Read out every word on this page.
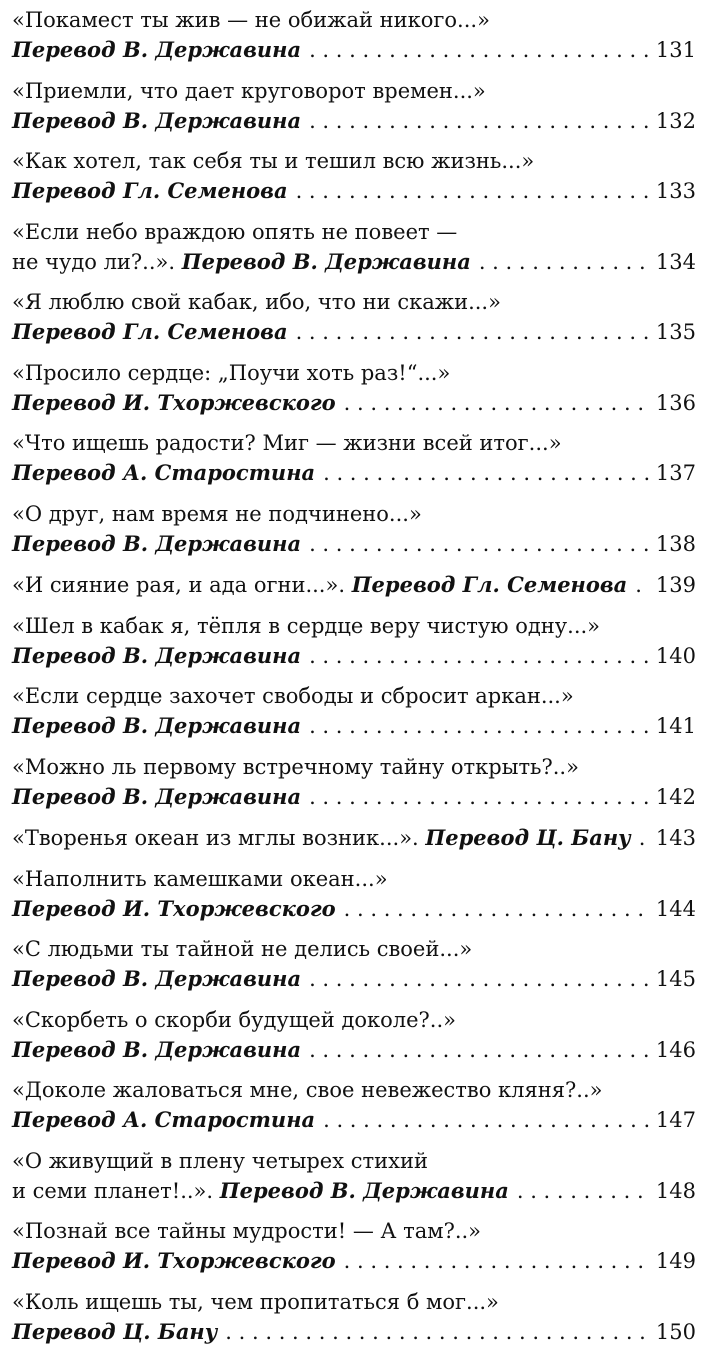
«Покамест ты жив — не обижай никого...»
Перевод В. Державина . . .	131
«Приемли, что дает круговорот времен...»
Перевод В. Державина . . .	132
«Как хотел, так себя ты и тешил всю жизнь...»
Перевод Гл. Семенова . . .	133
«Если небо враждою опять не повеет —
не чудо ли?..».
Перевод В. Державина . . .	134
«Я люблю свой кабак, ибо, что ни скажи...»
Перевод Гл. Семенова . . .	135
«Просило сердце: „Поучи хоть раз!“...»
Перевод И. Тхоржевского . . .	136
«Что ищешь радости? Миг — жизни всей итог...»
Перевод А. Старостина . . .	137
«О друг, нам время не подчинено...»
Перевод В. Державина . . .	138
«И сияние рая, и ада огни...».
Перевод Гл. Семенова . . . 139
«Шел в кабак я, тёпля в сердце веру чистую одну...»
Перевод В. Державина . . .	140
«Если сердце захочет свободы и сбросит аркан...»
Перевод В. Державина . . .	141
«Можно ль первому встречному тайну открыть?..»
Перевод В. Державина . . .	142
«Творенья океан из мглы возник...».
Перевод Ц. Бану . . . 143
«Наполнить камешками океан...»
Перевод И. Тхоржевского . . .	144
«С людьми ты тайной не делись своей...»
Перевод В. Державина . . .	145
«Скорбеть о скорби будущей доколе?..»
Перевод В. Державина . . .	146
«Доколе жаловаться мне, свое невежество кляня?..»
Перевод А. Старостина . . .	147
«О живущий в плену четырех стихий
и семи планет!..».
Перевод В. Державина . . .	148
«Познай все тайны мудрости! — А там?..»
Перевод И. Тхоржевского . . .	149
«Коль ищешь ты, чем пропитаться б мог...»
Перевод Ц. Бану . . .	150
